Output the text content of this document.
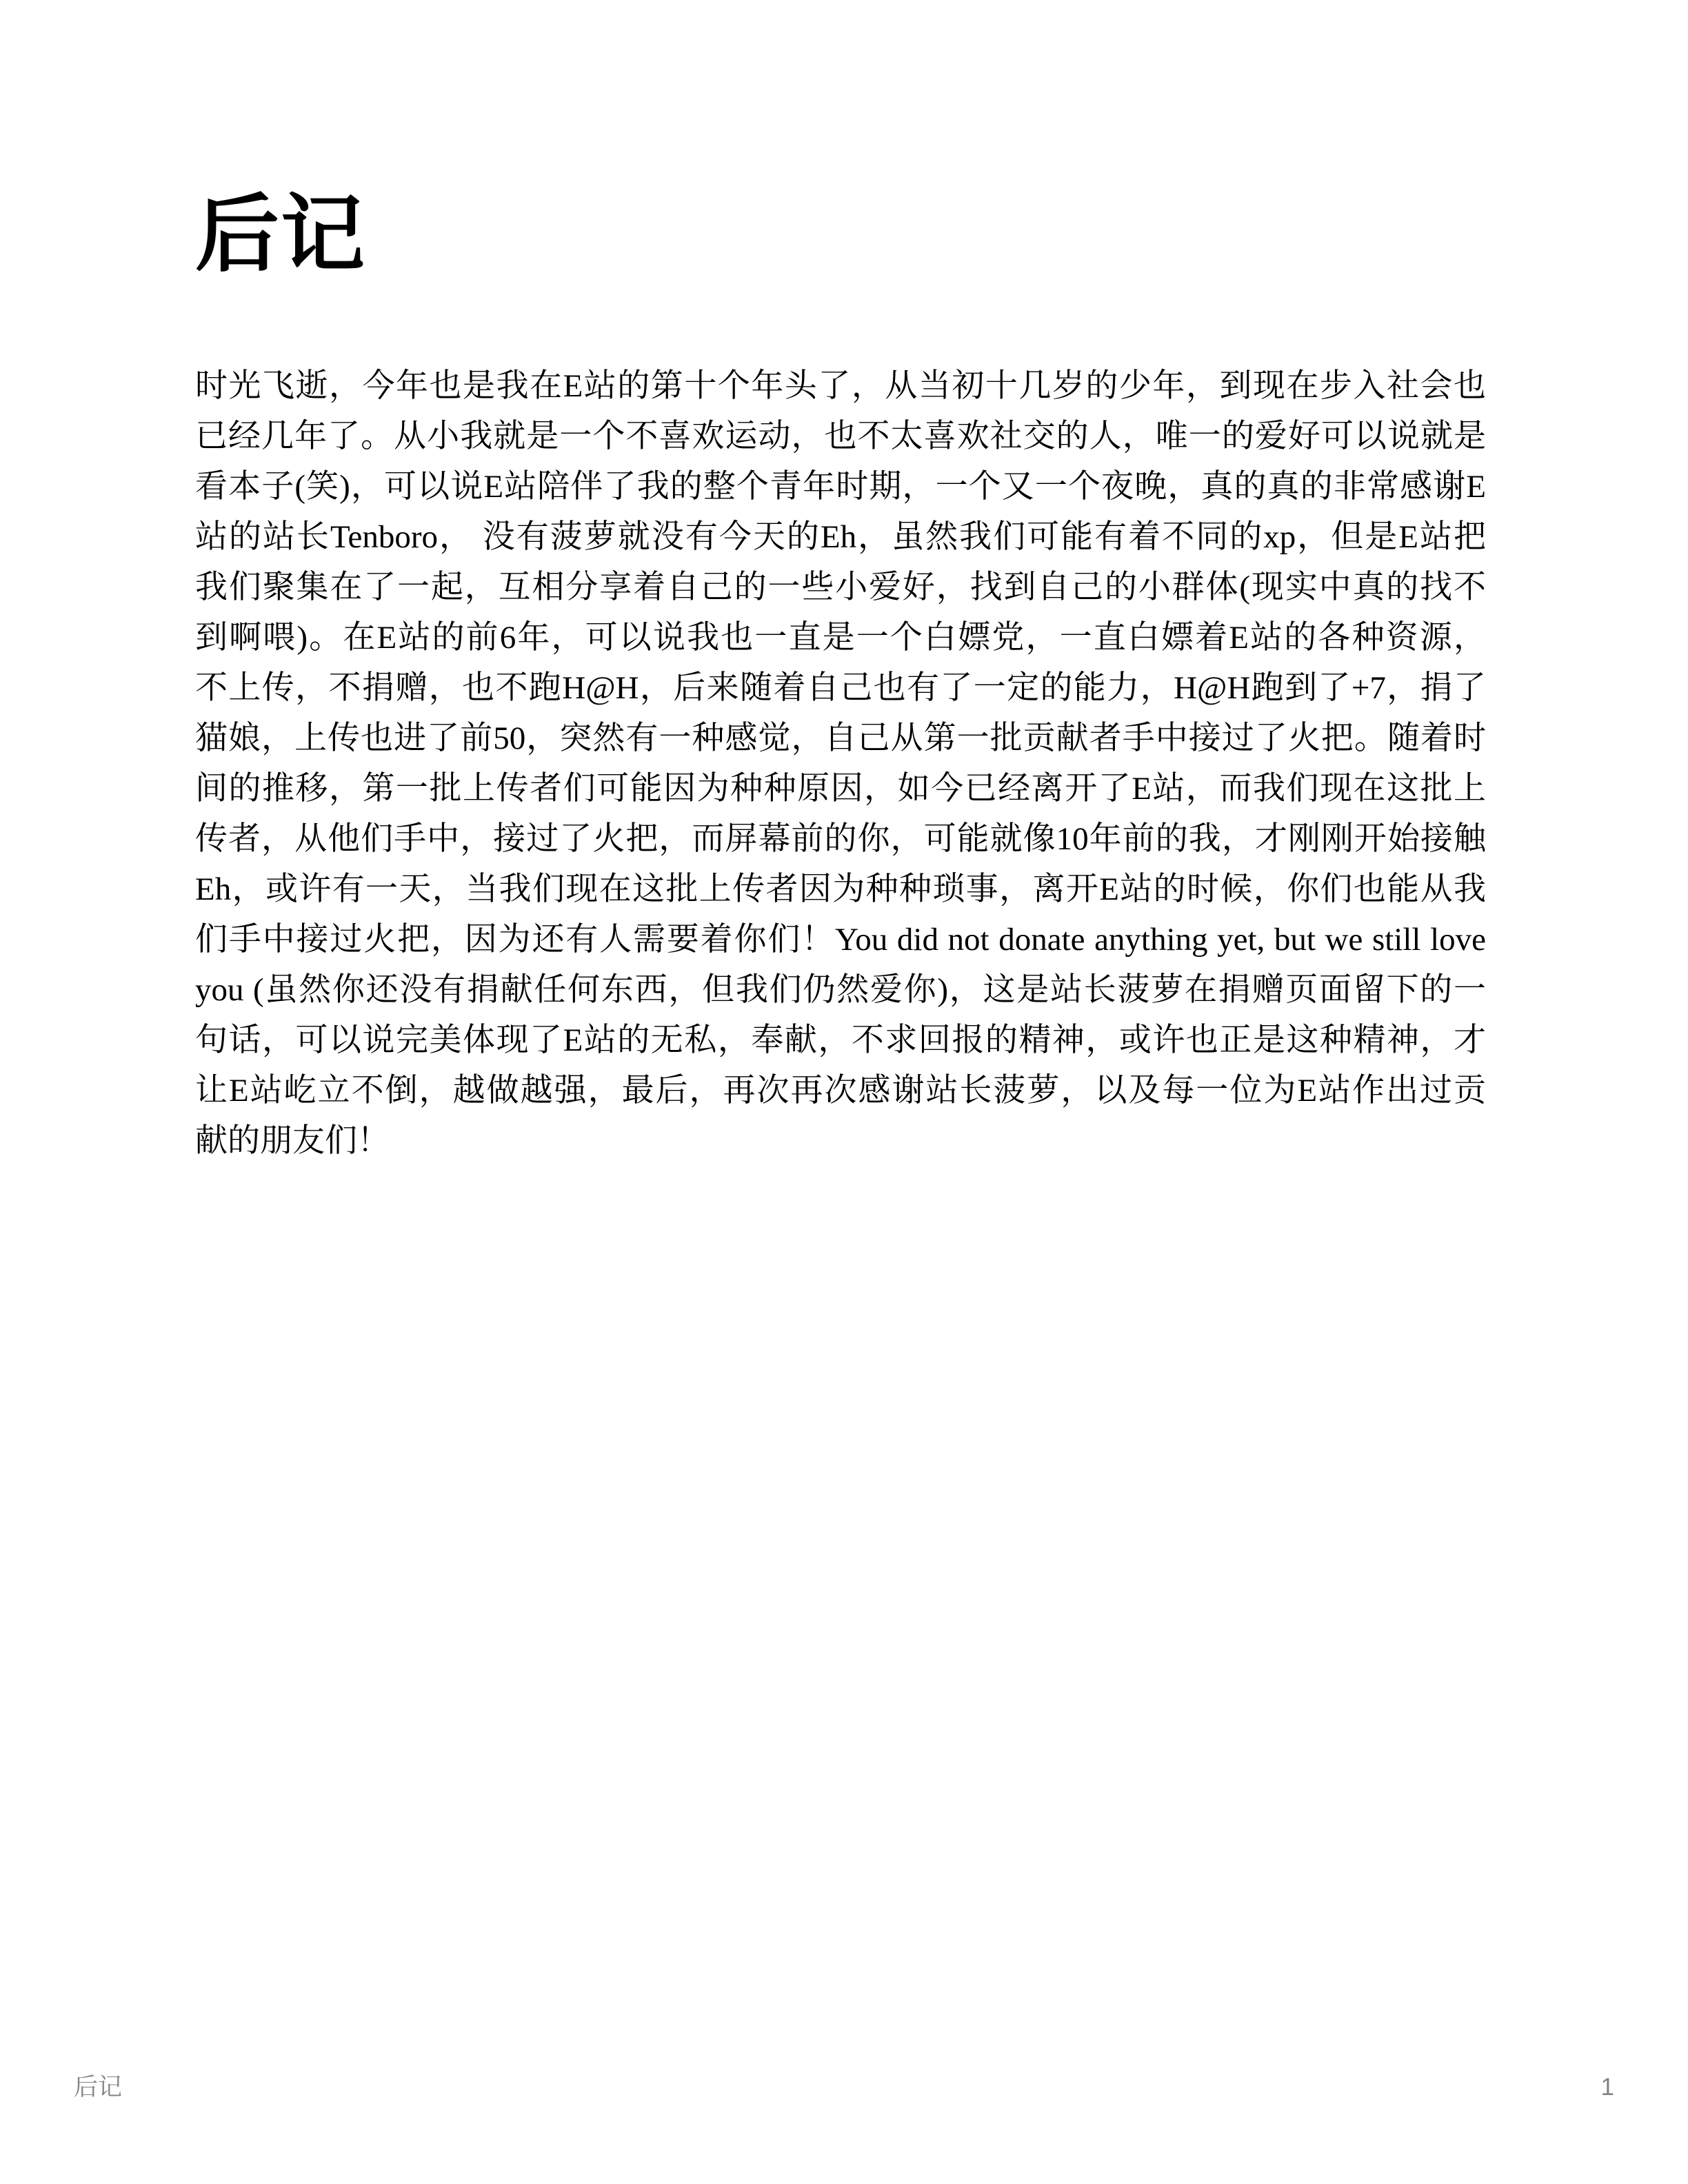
后记
时光飞逝，今年也是我在E站的第十个年头了，从当初十几岁的少年，到现在步入社会也
已经几年了。从小我就是一个不喜欢运动，也不太喜欢社交的人，唯一的爱好可以说就是
看本子(笑)，可以说E站陪伴了我的整个青年时期，一个又一个夜晚，真的真的非常感谢E
站的站长Tenboro， 没有菠萝就没有今天的Eh，虽然我们可能有着不同的xp，但是E站把
我们聚集在了一起，互相分享着自己的一些小爱好，找到自己的小群体(现实中真的找不
到啊喂)。在E站的前6年，可以说我也一直是一个白嫖党，一直白嫖着E站的各种资源，
不上传，不捐赠，也不跑H@H，后来随着自己也有了一定的能力，H@H跑到了+7，捐了
猫娘，上传也进了前50，突然有一种感觉，自己从第一批贡献者手中接过了火把。随着时
间的推移，第一批上传者们可能因为种种原因，如今已经离开了E站，而我们现在这批上
传者，从他们手中，接过了火把，而屏幕前的你，可能就像10年前的我，才刚刚开始接触
Eh，或许有一天，当我们现在这批上传者因为种种琐事，离开E站的时候，你们也能从我
们手中接过火把，因为还有人需要着你们！You did not donate anything yet, but we still love
you (虽然你还没有捐献任何东西，但我们仍然爱你)，这是站长菠萝在捐赠页面留下的一
句话，可以说完美体现了E站的无私，奉献，不求回报的精神，或许也正是这种精神，才
让E站屹立不倒，越做越强，最后，再次再次感谢站长菠萝，以及每一位为E站作出过贡
献的朋友们！
后记	1
